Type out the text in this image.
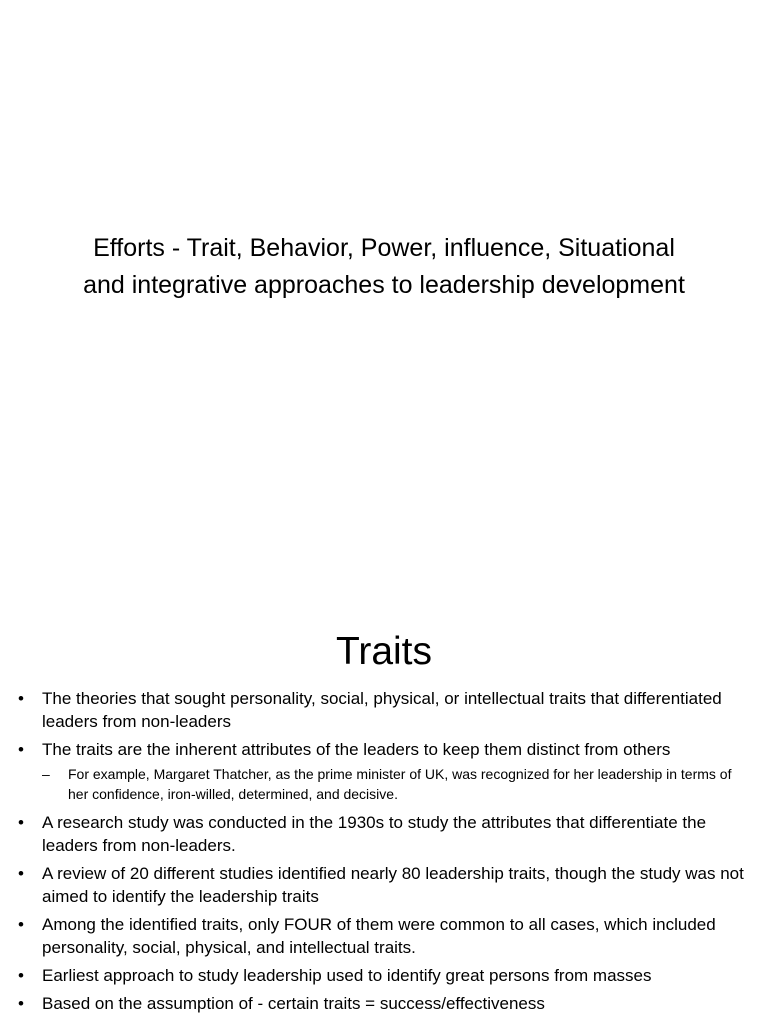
Efforts - Trait, Behavior, Power, influence, Situational
and integrative approaches to leadership development
Traits
• The theories that sought personality, social, physical, or intellectual traits that differentiated leaders from non-leaders
• The traits are the inherent attributes of the leaders to keep them distinct from others
– For example, Margaret Thatcher, as the prime minister of UK, was recognized for her leadership in terms of her confidence, iron-willed, determined, and decisive.
• A research study was conducted in the 1930s to study the attributes that differentiate the leaders from non-leaders.
• A review of 20 different studies identified nearly 80 leadership traits, though the study was not aimed to identify the leadership traits
• Among the identified traits, only FOUR of them were common to all cases, which included personality, social, physical, and intellectual traits.
• Earliest approach to study leadership used to identify great persons from masses
• Based on the assumption of - certain traits = success/effectiveness
